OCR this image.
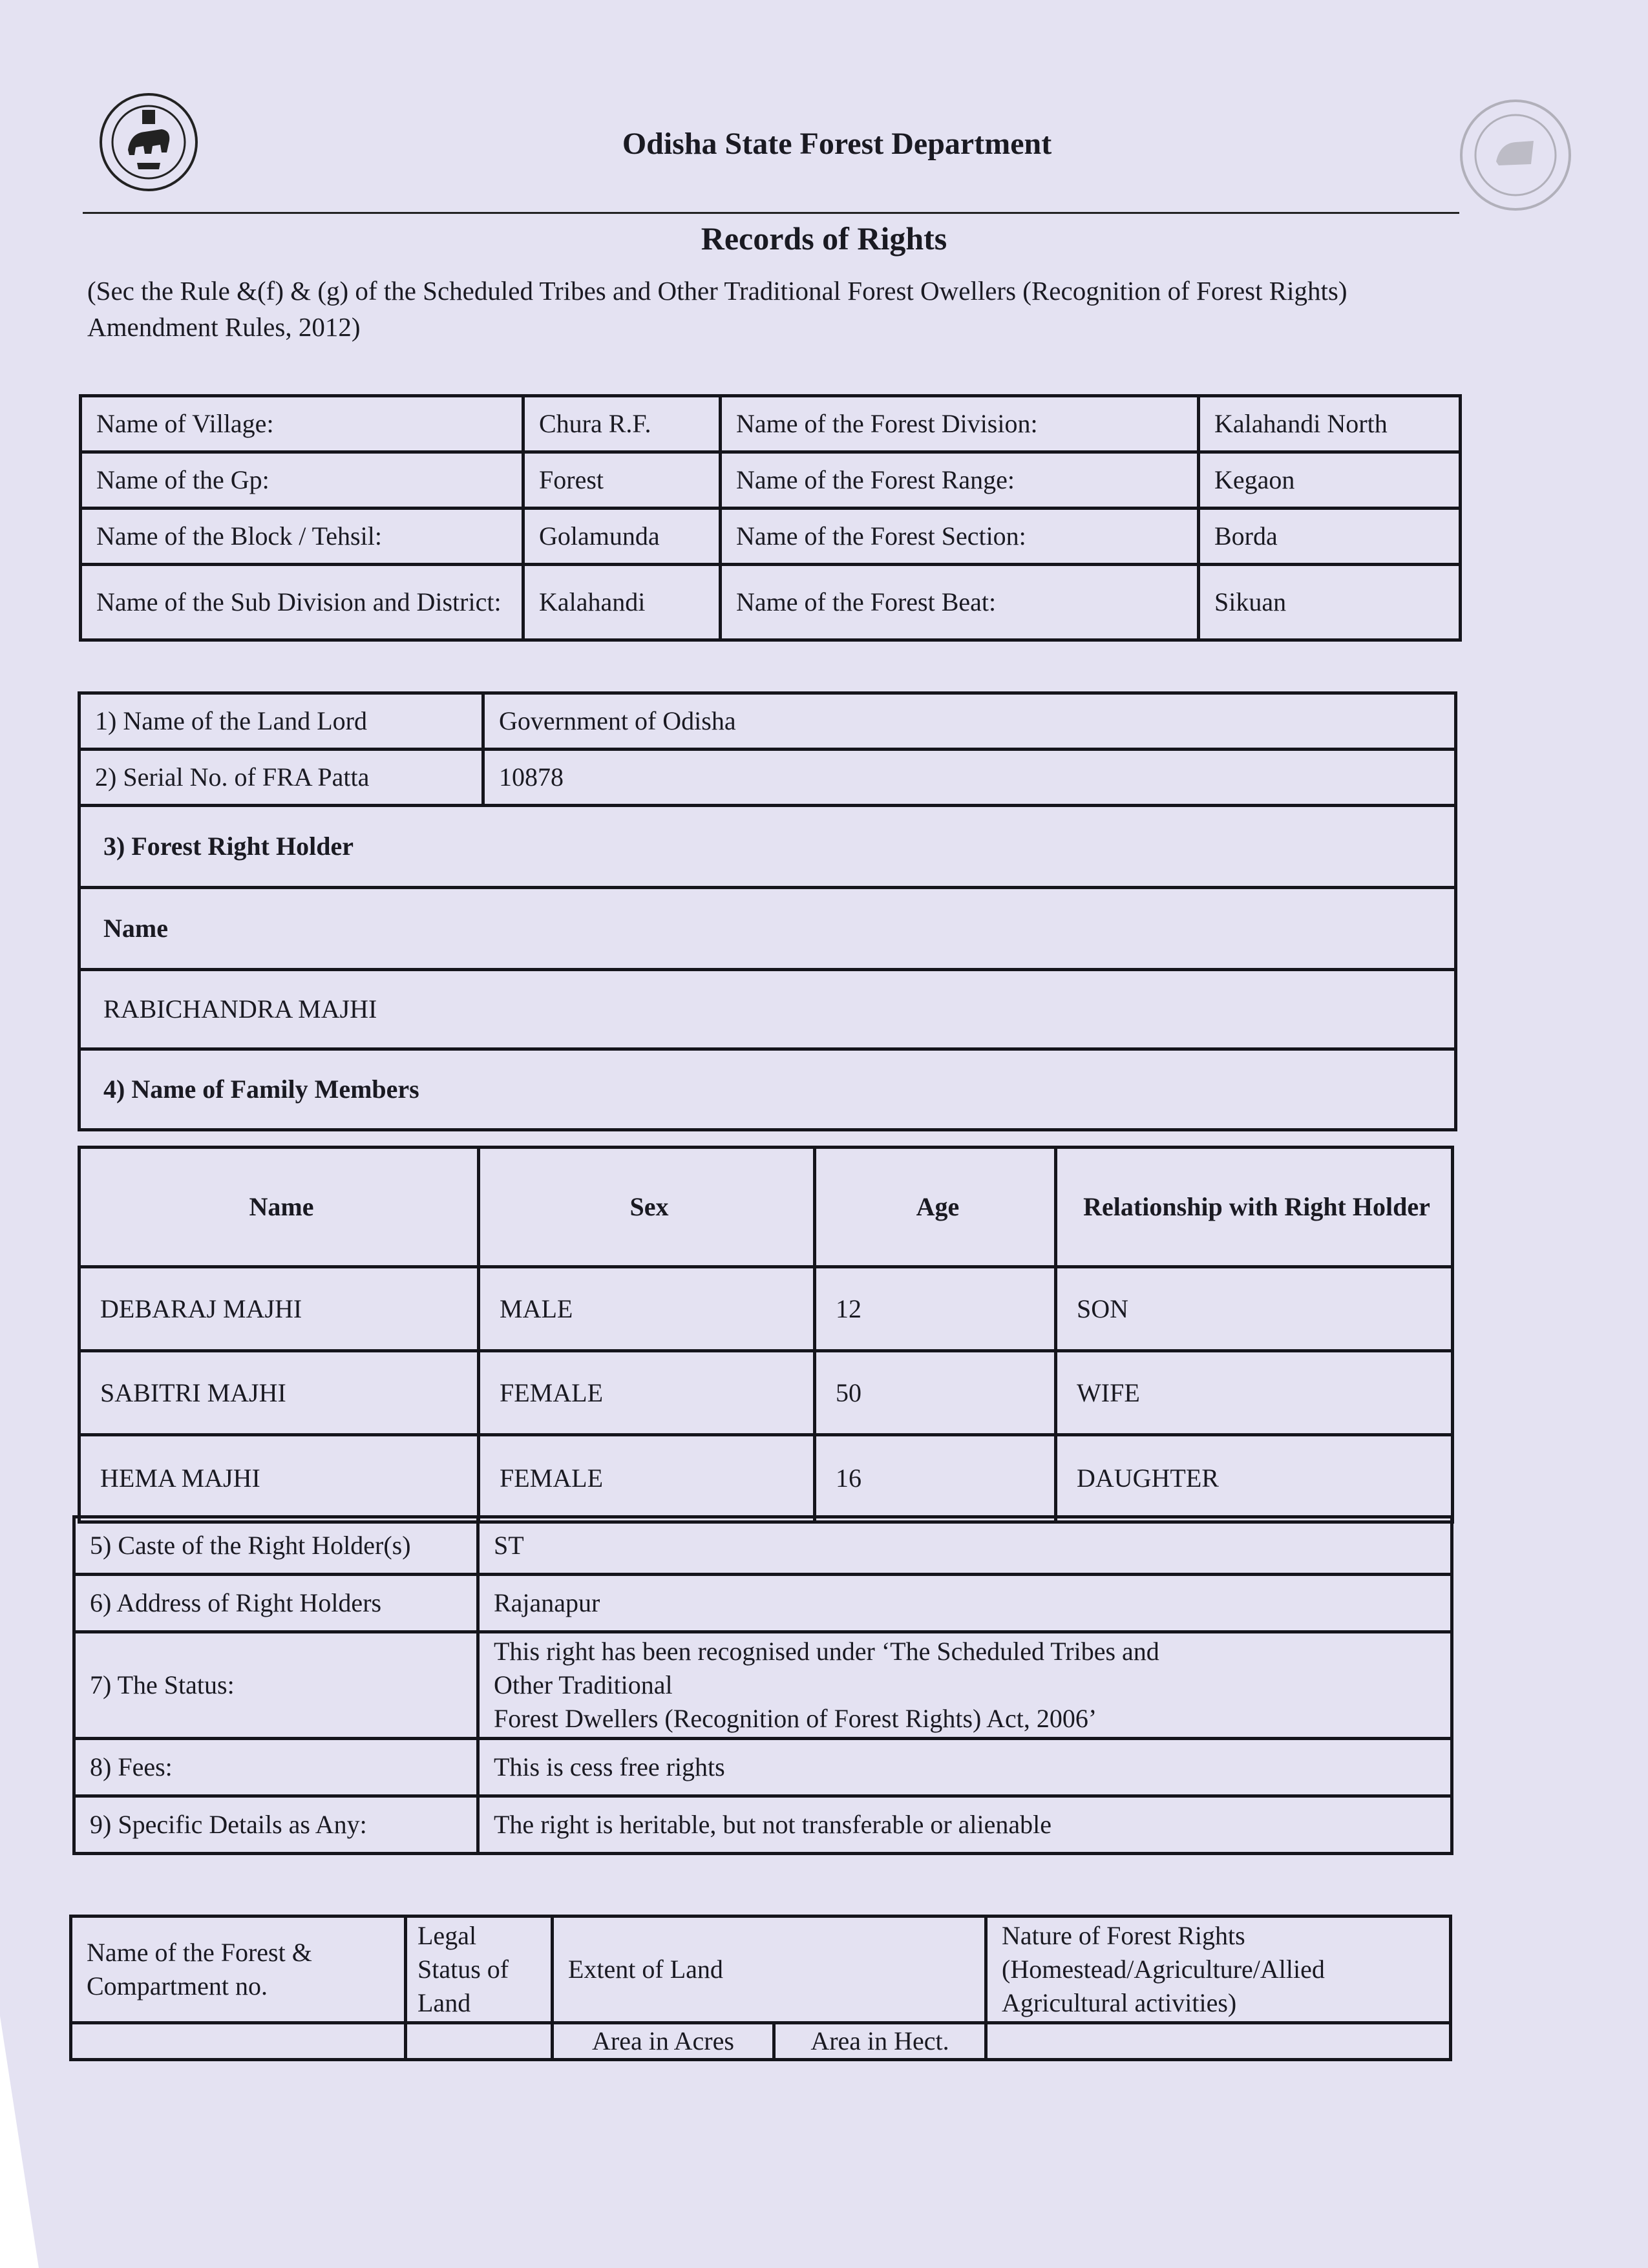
Odisha State Forest Department
Records of Rights
(Sec the Rule &(f) & (g) of the Scheduled Tribes and Other Traditional Forest Owellers (Recognition of Forest Rights) Amendment Rules, 2012)
Name of Village:	Chura R.F.	Name of the Forest Division:	Kalahandi North
Name of the Gp:	Forest	Name of the Forest Range:	Kegaon
Name of the Block / Tehsil:	Golamunda	Name of the Forest Section:	Borda
Name of the Sub Division and District:	Kalahandi	Name of the Forest Beat:	Sikuan
1) Name of the Land Lord	Government of Odisha
2) Serial No. of FRA Patta	10878
3) Forest Right Holder	
Name	
RABICHANDRA MAJHI	
4) Name of Family Members	
Name	Sex	Age	Relationship with Right Holder
DEBARAJ MAJHI	MALE	12	SON
SABITRI MAJHI	FEMALE	50	WIFE
HEMA MAJHI	FEMALE	16	DAUGHTER
5) Caste of the Right Holder(s)	ST
6) Address of Right Holders	Rajanapur
7) The Status:	This right has been recognised under ‘The Scheduled Tribes and Other Traditional
Forest Dwellers (Recognition of Forest Rights) Act, 2006’

8) Fees:	This is cess free rights
9) Specific Details as Any:	The right is heritable, but not transferable or alienable
Name of the Forest & Compartment no.	Legal Status of Land	Extent of Land		Nature of Forest Rights (Homestead/Agriculture/Allied Agricultural activities)
		Area in Acres	Area in Hect.	
